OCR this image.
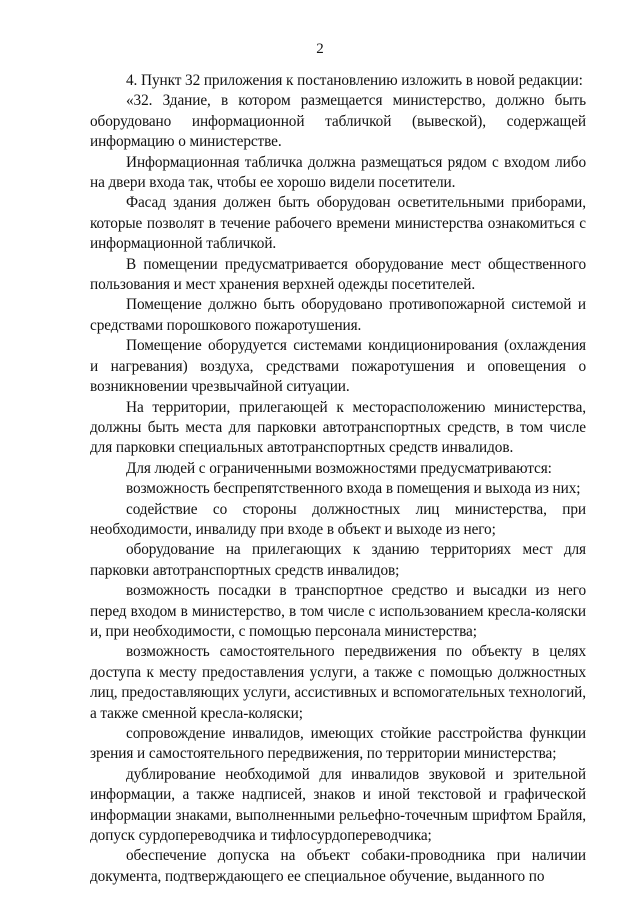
2

4. Пункт 32 приложения к постановлению изложить в новой редакции:

«32. Здание, в котором размещается министерство, должно быть оборудовано информационной табличкой (вывеской), содержащей информацию о министерстве.

Информационная табличка должна размещаться рядом с входом либо на двери входа так, чтобы ее хорошо видели посетители.

Фасад здания должен быть оборудован осветительными приборами, которые позволят в течение рабочего времени министерства ознакомиться с информационной табличкой.

В помещении предусматривается оборудование мест общественного пользования и мест хранения верхней одежды посетителей.

Помещение должно быть оборудовано противопожарной системой и средствами порошкового пожаротушения.

Помещение оборудуется системами кондиционирования (охлаждения и нагревания) воздуха, средствами пожаротушения и оповещения о возникновении чрезвычайной ситуации.

На территории, прилегающей к месторасположению министерства, должны быть места для парковки автотранспортных средств, в том числе для парковки специальных автотранспортных средств инвалидов.

Для людей с ограниченными возможностями предусматриваются:

возможность беспрепятственного входа в помещения и выхода из них;

содействие со стороны должностных лиц министерства, при необходимости, инвалиду при входе в объект и выходе из него;

оборудование на прилегающих к зданию территориях мест для парковки автотранспортных средств инвалидов;

возможность посадки в транспортное средство и высадки из него перед входом в министерство, в том числе с использованием кресла-коляски и, при необходимости, с помощью персонала министерства;

возможность самостоятельного передвижения по объекту в целях доступа к месту предоставления услуги, а также с помощью должностных лиц, предоставляющих услуги, ассистивных и вспомогательных технологий, а также сменной кресла-коляски;

сопровождение инвалидов, имеющих стойкие расстройства функции зрения и самостоятельного передвижения, по территории министерства;

дублирование необходимой для инвалидов звуковой и зрительной информации, а также надписей, знаков и иной текстовой и графической информации знаками, выполненными рельефно-точечным шрифтом Брайля, допуск сурдопереводчика и тифлосурдопереводчика;

обеспечение допуска на объект собаки-проводника при наличии документа, подтверждающего ее специальное обучение, выданного по
